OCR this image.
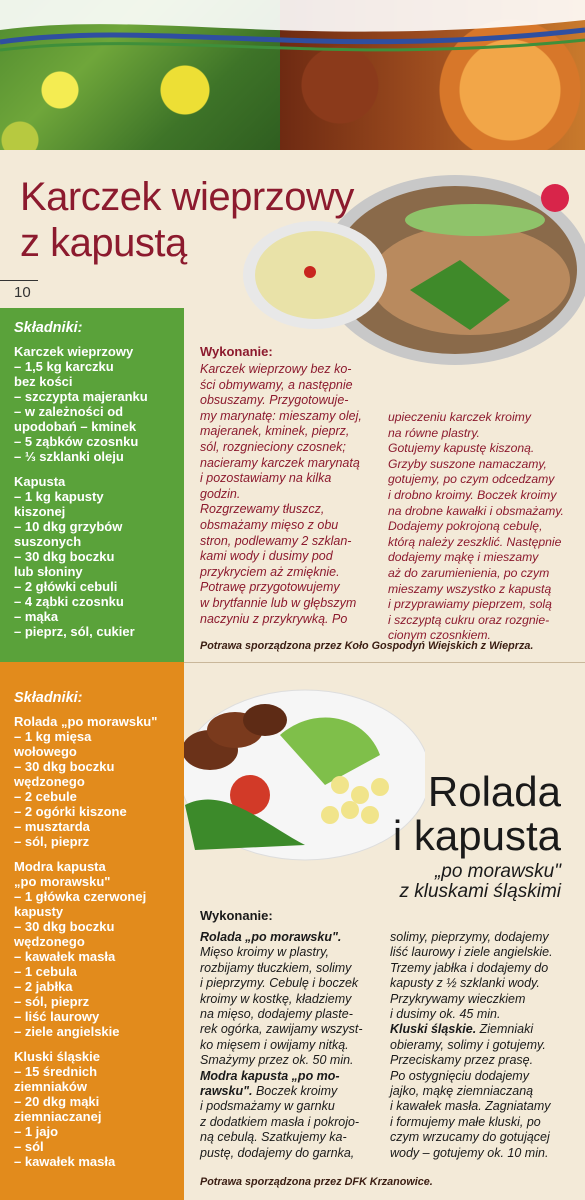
10
Karczek wieprzowy
z kapustą
Składniki:
Karczek wieprzowy
– 1,5 kg karczku
bez kości
– szczypta majeranku
– w zależności od
upodobań – kminek
– 5 ząbków czosnku
– ⅓ szklanki oleju
Kapusta
– 1 kg kapusty
kiszonej
– 10 dkg grzybów
suszonych
– 30 dkg boczku
lub słoniny
– 2 główki cebuli
– 4 ząbki czosnku
– mąka
– pieprz, sól, cukier
Wykonanie:
Karczek wieprzowy bez ko-
ści obmywamy, a następnie
obsuszamy. Przygotowuje-
my marynatę: mieszamy olej,
majeranek, kminek, pieprz,
sól, rozgnieciony czosnek;
nacieramy karczek marynatą
i pozostawiamy na kilka
godzin.
Rozgrzewamy tłuszcz,
obsmażamy mięso z obu
stron, podlewamy 2 szklan-
kami wody i dusimy pod
przykryciem aż zmięknie.
Potrawę przygotowujemy
w brytfannie lub w głębszym
naczyniu z przykrywką. Po
upieczeniu karczek kroimy
na równe plastry.
Gotujemy kapustę kiszoną.
Grzyby suszone namaczamy,
gotujemy, po czym odcedzamy
i drobno kroimy. Boczek kroimy
na drobne kawałki i obsmażamy.
Dodajemy pokrojoną cebulę,
którą należy zeszklić. Następnie
dodajemy mąkę i mieszamy
aż do zarumienienia, po czym
mieszamy wszystko z kapustą
i przyprawiamy pieprzem, solą
i szczyptą cukru oraz rozgnie-
cionym czosnkiem.
Potrawa sporządzona przez Koło Gospodyń Wiejskich z Wieprza.
Rolada
i kapusta
„po morawsku"
z kluskami śląskimi
Składniki:
Rolada „po morawsku"
– 1 kg mięsa
wołowego
– 30 dkg boczku
wędzonego
– 2 cebule
– 2 ogórki kiszone
– musztarda
– sól, pieprz
Modra kapusta
„po morawsku"
– 1 główka czerwonej
kapusty
– 30 dkg boczku
wędzonego
– kawałek masła
– 1 cebula
– 2 jabłka
– sól, pieprz
– liść laurowy
– ziele angielskie
Kluski śląskie
– 15 średnich
ziemniaków
– 20 dkg mąki
ziemniaczanej
– 1 jajo
– sól
– kawałek masła
Wykonanie:
Rolada „po morawsku".
Mięso kroimy w plastry,
rozbijamy tłuczkiem, solimy
i pieprzymy. Cebulę i boczek
kroimy w kostkę, kładziemy
na mięso, dodajemy plaste-
rek ogórka, zawijamy wszyst-
ko mięsem i owijamy nitką.
Smażymy przez ok. 50 min.
Modra kapusta „po mo-
rawsku". Boczek kroimy
i podsmażamy w garnku
z dodatkiem masła i pokrojo-
ną cebulą. Szatkujemy ka-
pustę, dodajemy do garnka,
solimy, pieprzymy, dodajemy
liść laurowy i ziele angielskie.
Trzemy jabłka i dodajemy do
kapusty z ½ szklanki wody.
Przykrywamy wieczkiem
i dusimy ok. 45 min.
Kluski śląskie. Ziemniaki
obieramy, solimy i gotujemy.
Przeciskamy przez prasę.
Po ostygnięciu dodajemy
jajko, mąkę ziemniaczaną
i kawałek masła. Zagniatamy
i formujemy małe kluski, po
czym wrzucamy do gotującej
wody – gotujemy ok. 10 min.
Potrawa sporządzona przez DFK Krzanowice.
